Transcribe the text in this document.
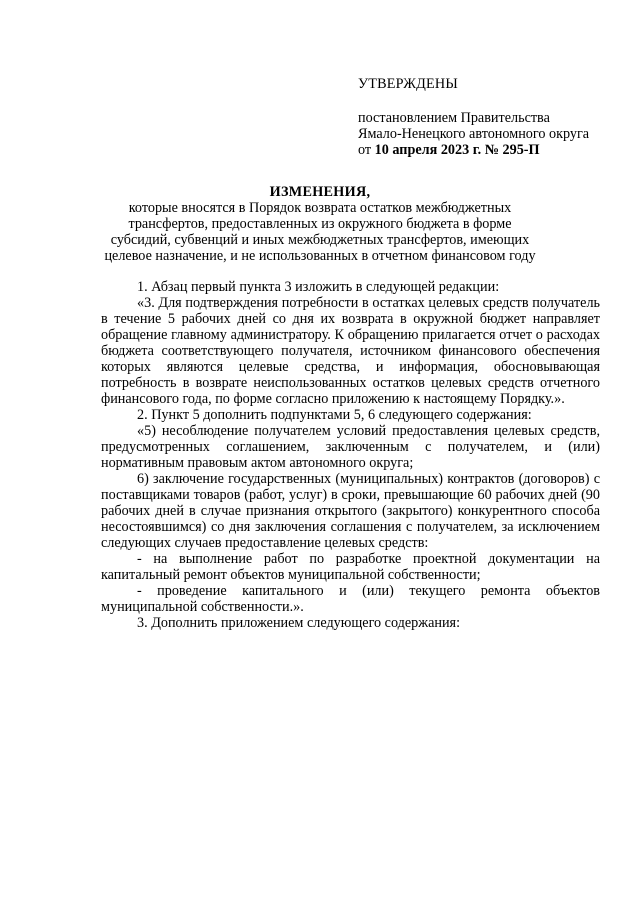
УТВЕРЖДЕНЫ
постановлением Правительства
Ямало-Ненецкого автономного округа
от 10 апреля 2023 г. № 295-П
ИЗМЕНЕНИЯ,
которые вносятся в Порядок возврата остатков межбюджетных трансфертов, предоставленных из окружного бюджета в форме субсидий, субвенций и иных межбюджетных трансфертов, имеющих целевое назначение, и не использованных в отчетном финансовом году

1. Абзац первый пункта 3 изложить в следующей редакции:

«3. Для подтверждения потребности в остатках целевых средств получатель в течение 5 рабочих дней со дня их возврата в окружной бюджет направляет обращение главному администратору. К обращению прилагается отчет о расходах бюджета соответствующего получателя, источником финансового обеспечения которых являются целевые средства, и информация, обосновывающая потребность в возврате неиспользованных остатков целевых средств отчетного финансового года, по форме согласно приложению к настоящему Порядку.».

2. Пункт 5 дополнить подпунктами 5, 6 следующего содержания:

«5) несоблюдение получателем условий предоставления целевых средств, предусмотренных соглашением, заключенным с получателем, и (или) нормативным правовым актом автономного округа;

6) заключение государственных (муниципальных) контрактов (договоров) с поставщиками товаров (работ, услуг) в сроки, превышающие 60 рабочих дней (90 рабочих дней в случае признания открытого (закрытого) конкурентного способа несостоявшимся) со дня заключения соглашения с получателем, за исключением следующих случаев предоставление целевых средств:

- на выполнение работ по разработке проектной документации на капитальный ремонт объектов муниципальной собственности;

- проведение капитального и (или) текущего ремонта объектов муниципальной собственности.».

3. Дополнить приложением следующего содержания:
